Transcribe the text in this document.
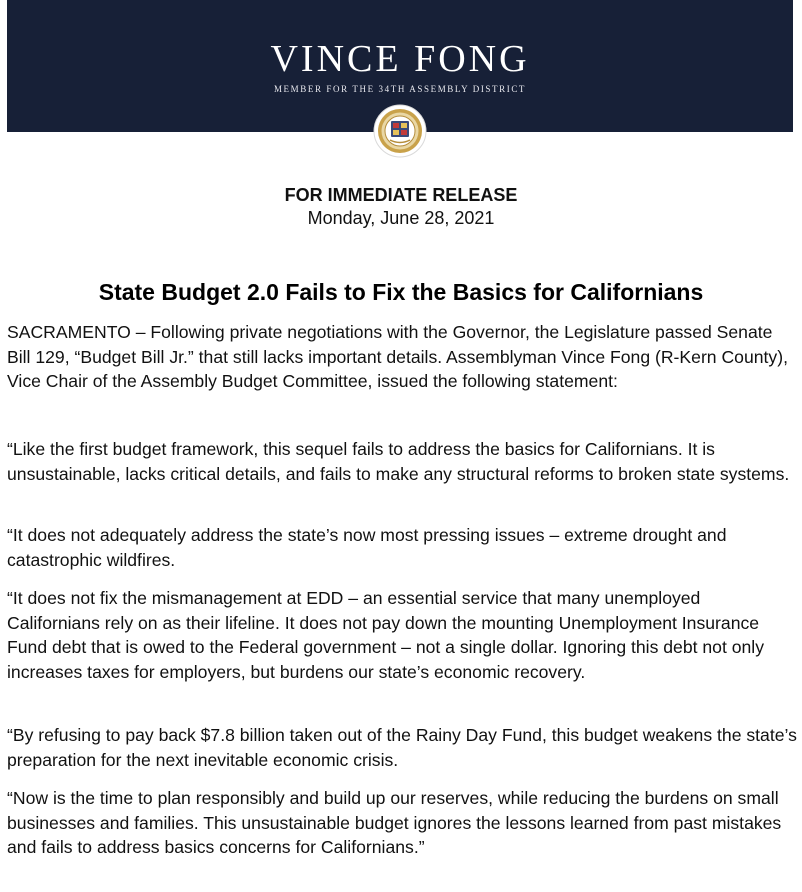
VINCE FONG
MEMBER FOR THE 34TH ASSEMBLY DISTRICT
FOR IMMEDIATE RELEASE
Monday, June 28, 2021
State Budget 2.0 Fails to Fix the Basics for Californians

SACRAMENTO – Following private negotiations with the Governor, the Legislature passed Senate Bill 129, “Budget Bill Jr.” that still lacks important details. Assemblyman Vince Fong (R-Kern County), Vice Chair of the Assembly Budget Committee, issued the following statement:

“Like the first budget framework, this sequel fails to address the basics for Californians. It is unsustainable, lacks critical details, and fails to make any structural reforms to broken state systems.

“It does not adequately address the state’s now most pressing issues – extreme drought and catastrophic wildfires.

“It does not fix the mismanagement at EDD – an essential service that many unemployed Californians rely on as their lifeline. It does not pay down the mounting Unemployment Insurance Fund debt that is owed to the Federal government – not a single dollar. Ignoring this debt not only increases taxes for employers, but burdens our state’s economic recovery.

“By refusing to pay back $7.8 billion taken out of the Rainy Day Fund, this budget weakens the state’s preparation for the next inevitable economic crisis.

“Now is the time to plan responsibly and build up our reserves, while reducing the burdens on small businesses and families. This unsustainable budget ignores the lessons learned from past mistakes and fails to address basics concerns for Californians.”
